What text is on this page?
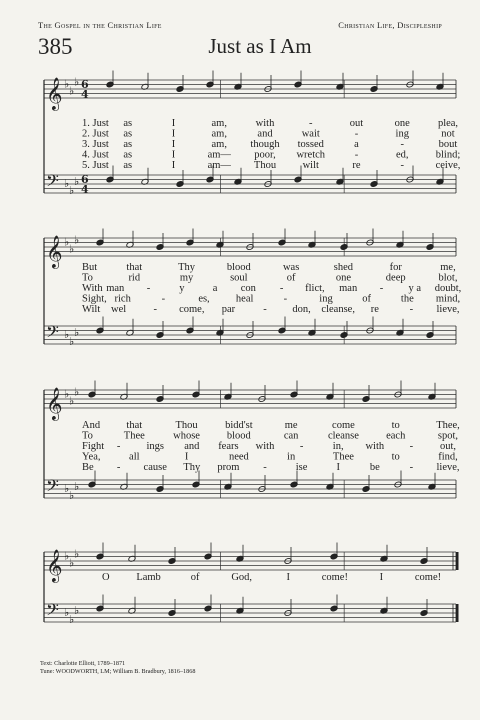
The Gospel in the Christian Life	Christian Life, Discipleship
385	Just as I Am
𝄞
𝄢
♭
♭
♭
♭
♭
♭
6
4
6
4
1. Just as	I	am,	with	-	out	one	plea,
2. Just as	I	am,	and	wait	-	ing	not
3. Just as	I	am, though tossed	a	-	bout
4. Just as	I	am— poor, wretch	-	ed,	blind;
5. Just as	I	am— Thou	wilt	re	-	ceive,
𝄞
𝄢
♭
♭
♭
♭
♭
♭
But	that	Thy	blood	was	shed	for	me,
To	rid	my	soul	of	one	deep	blot,
With man -	y	a con - flict, man - y a doubt,
Sight, rich	-	es, heal	-	ing	of	the mind,
Wilt wel	- come, par	- don, cleanse, re	- lieve,
𝄞
𝄢
♭
♭
♭
♭
♭
♭
And	that	Thou	bidd'st	me	come	to	Thee,
To	Thee	whose	blood	can	cleanse	each	spot,
Fight - ings and fears with -	in, with -	out,
Yea,	all	I	need	in	Thee	to	find,
Be - cause Thy prom -	ise	I	be	- lieve,
𝄞
𝄢
♭
♭
♭
♭
♭
♭
O	Lamb	of	God,	I	come!	I	come!
Text: Charlotte Elliott, 1789–1871
Tune: WOODWORTH, LM; William B. Bradbury, 1816–1868
